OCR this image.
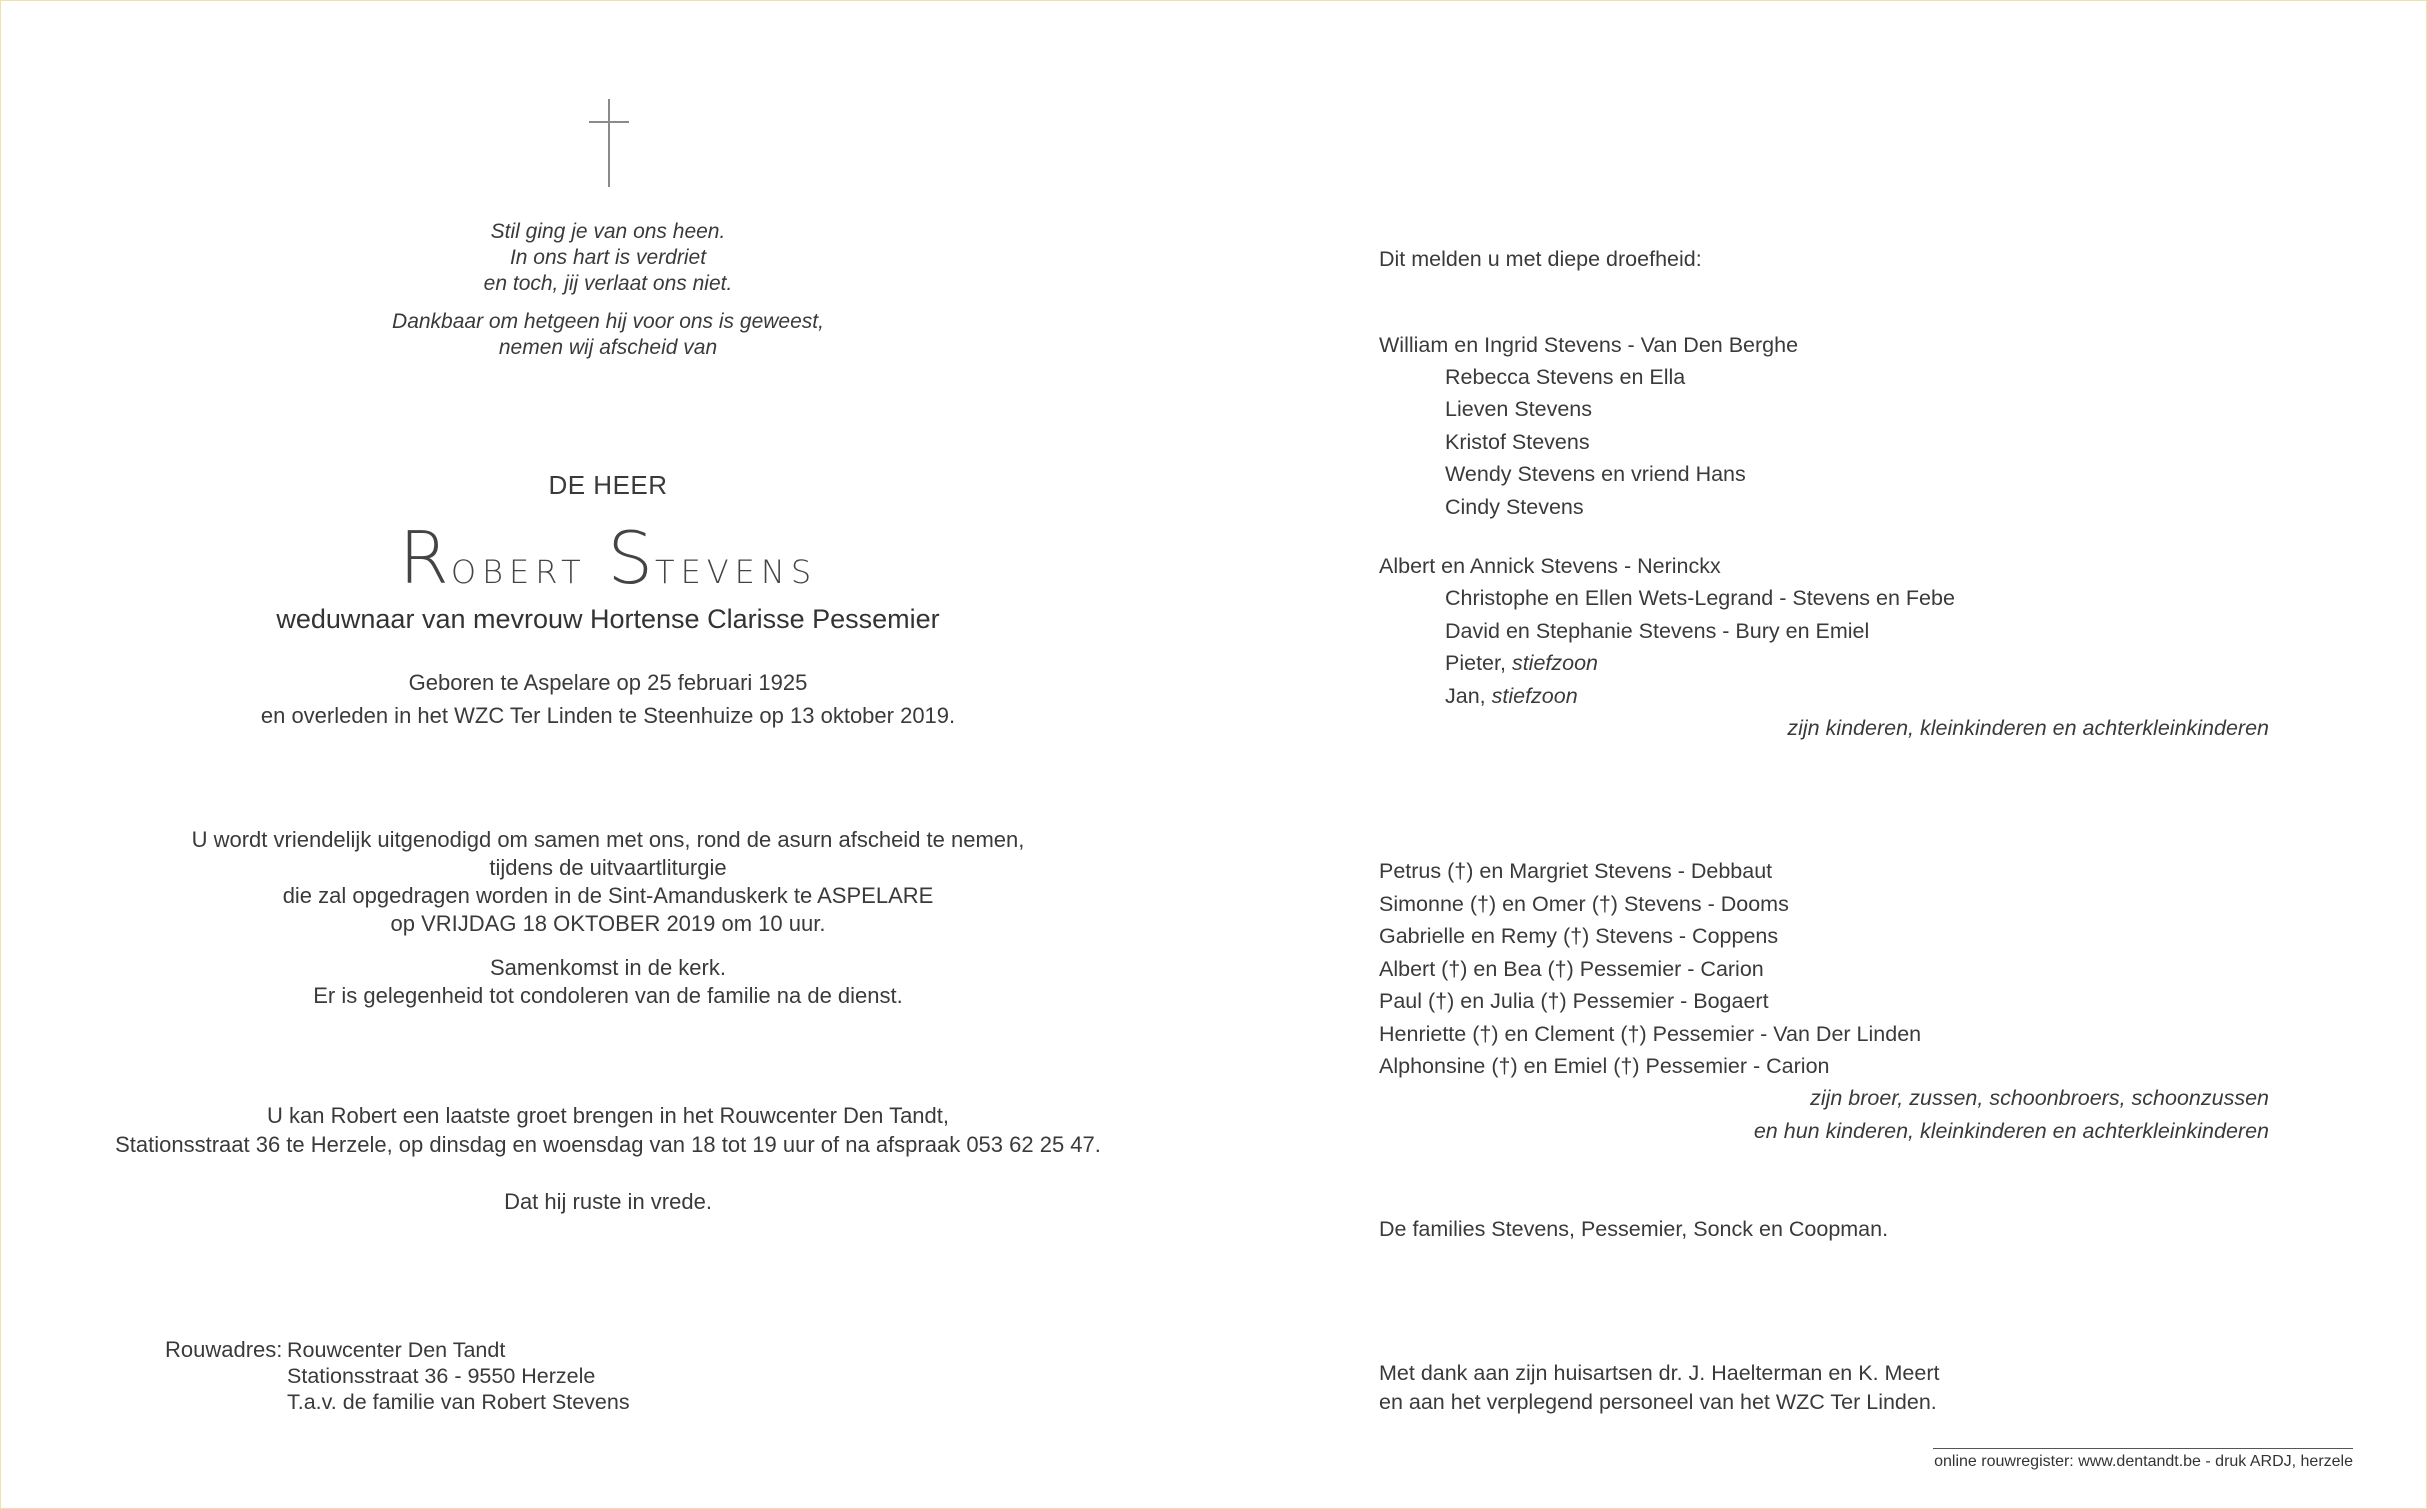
Stil ging je van ons heen.
In ons hart is verdriet
en toch, jij verlaat ons niet.
Dankbaar om hetgeen hij voor ons is geweest,
nemen wij afscheid van
DE HEER
Robert Stevens
weduwnaar van mevrouw Hortense Clarisse Pessemier
Geboren te Aspelare op 25 februari 1925
en overleden in het WZC Ter Linden te Steenhuize op 13 oktober 2019.
U wordt vriendelijk uitgenodigd om samen met ons, rond de asurn afscheid te nemen,
tijdens de uitvaartliturgie
die zal opgedragen worden in de Sint-Amanduskerk te ASPELARE
op VRIJDAG 18 OKTOBER 2019 om 10 uur.
Samenkomst in de kerk.
Er is gelegenheid tot condoleren van de familie na de dienst.
U kan Robert een laatste groet brengen in het Rouwcenter Den Tandt,
Stationsstraat 36 te Herzele, op dinsdag en woensdag van 18 tot 19 uur of na afspraak 053 62 25 47.
Dat hij ruste in vrede.
Rouwadres: Rouwcenter Den Tandt
Stationsstraat 36 - 9550 Herzele
T.a.v. de familie van Robert Stevens
Dit melden u met diepe droefheid:
William en Ingrid Stevens - Van Den Berghe
Rebecca Stevens en Ella
Lieven Stevens
Kristof Stevens
Wendy Stevens en vriend Hans
Cindy Stevens
Albert en Annick Stevens - Nerinckx
Christophe en Ellen Wets-Legrand - Stevens en Febe
David en Stephanie Stevens - Bury en Emiel
Pieter, stiefzoon
Jan, stiefzoon
zijn kinderen, kleinkinderen en achterkleinkinderen
Petrus (†) en Margriet Stevens - Debbaut
Simonne (†) en Omer (†) Stevens - Dooms
Gabrielle en Remy (†) Stevens - Coppens
Albert (†) en Bea (†) Pessemier - Carion
Paul (†) en Julia (†) Pessemier - Bogaert
Henriette (†) en Clement (†) Pessemier - Van Der Linden
Alphonsine (†) en Emiel (†) Pessemier - Carion
zijn broer, zussen, schoonbroers, schoonzussen
en hun kinderen, kleinkinderen en achterkleinkinderen
De families Stevens, Pessemier, Sonck en Coopman.
Met dank aan zijn huisartsen dr. J. Haelterman en K. Meert
en aan het verplegend personeel van het WZC Ter Linden.
online rouwregister: www.dentandt.be - druk ARDJ, herzele
